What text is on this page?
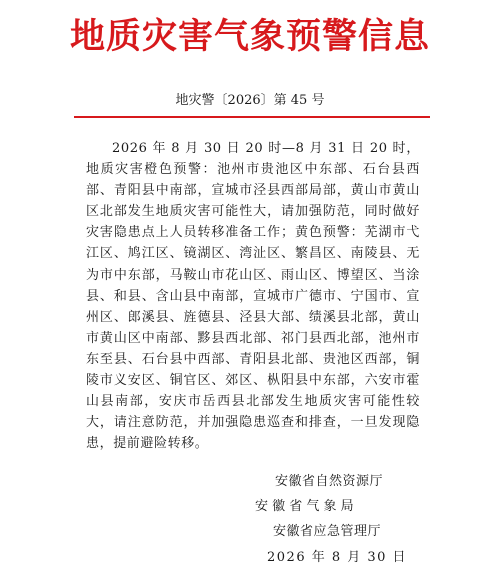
地质灾害气象预警信息
地灾警〔2026〕第 45 号

2026 年 8 月 30 日 20 时—8 月 31 日 20 时，地质灾害橙色预警：池州市贵池区中东部、石台县西部、青阳县中南部，宣城市泾县西部局部，黄山市黄山区北部发生地质灾害可能性大，请加强防范，同时做好灾害隐患点上人员转移准备工作；黄色预警：芜湖市弋江区、鸠江区、镜湖区、湾沚区、繁昌区、南陵县、无为市中东部，马鞍山市花山区、雨山区、博望区、当涂县、和县、含山县中南部，宣城市广德市、宁国市、宣州区、郎溪县、旌德县、泾县大部、绩溪县北部，黄山市黄山区中南部、黟县西北部、祁门县西北部，池州市东至县、石台县中西部、青阳县北部、贵池区西部，铜陵市义安区、铜官区、郊区、枞阳县中东部，六安市霍山县南部，安庆市岳西县北部发生地质灾害可能性较大，请注意防范，并加强隐患巡查和排查，一旦发现隐患，提前避险转移。

安徽省自然资源厅
安 徽 省 气 象 局
安徽省应急管理厅
2026 年 8 月 30 日
